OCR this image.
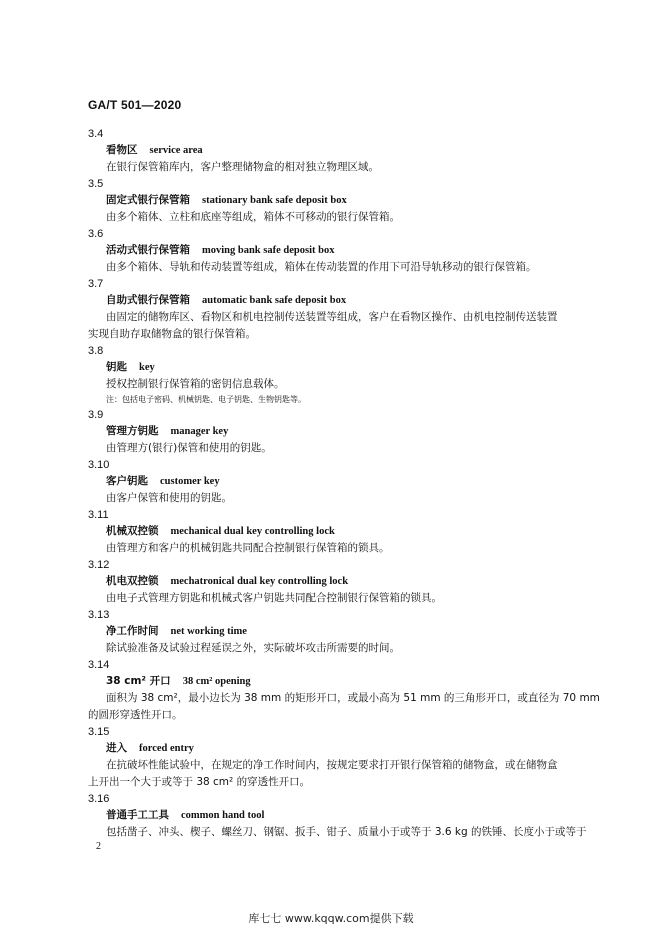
GA/T 501—2020
3.4
看物区 service area
在银行保管箱库内，客户整理储物盒的相对独立物理区域。
3.5
固定式银行保管箱 stationary bank safe deposit box
由多个箱体、立柱和底座等组成，箱体不可移动的银行保管箱。
3.6
活动式银行保管箱 moving bank safe deposit box
由多个箱体、导轨和传动装置等组成，箱体在传动装置的作用下可沿导轨移动的银行保管箱。
3.7
自助式银行保管箱 automatic bank safe deposit box
由固定的储物库区、看物区和机电控制传送装置等组成，客户在看物区操作、由机电控制传送装置
实现自助存取储物盒的银行保管箱。
3.8
钥匙 key
授权控制银行保管箱的密钥信息载体。
注：包括电子密码、机械钥匙、电子钥匙、生物钥匙等。
3.9
管理方钥匙 manager key
由管理方(银行)保管和使用的钥匙。
3.10
客户钥匙 customer key
由客户保管和使用的钥匙。
3.11
机械双控锁 mechanical dual key controlling lock
由管理方和客户的机械钥匙共同配合控制银行保管箱的锁具。
3.12
机电双控锁 mechatronical dual key controlling lock
由电子式管理方钥匙和机械式客户钥匙共同配合控制银行保管箱的锁具。
3.13
净工作时间 net working time
除试验准备及试验过程延误之外，实际破坏攻击所需要的时间。
3.14
38 cm² 开口 38 cm² opening
面积为 38 cm²，最小边长为 38 mm 的矩形开口，或最小高为 51 mm 的三角形开口，或直径为 70 mm
的圆形穿透性开口。
3.15
进入 forced entry
在抗破坏性能试验中，在规定的净工作时间内，按规定要求打开银行保管箱的储物盒，或在储物盒
上开出一个大于或等于 38 cm² 的穿透性开口。
3.16
普通手工工具 common hand tool
包括凿子、冲头、楔子、螺丝刀、钢锯、扳手、钳子、质量小于或等于 3.6 kg 的铁锤、长度小于或等于
2
库七七 www.kqqw.com提供下载
